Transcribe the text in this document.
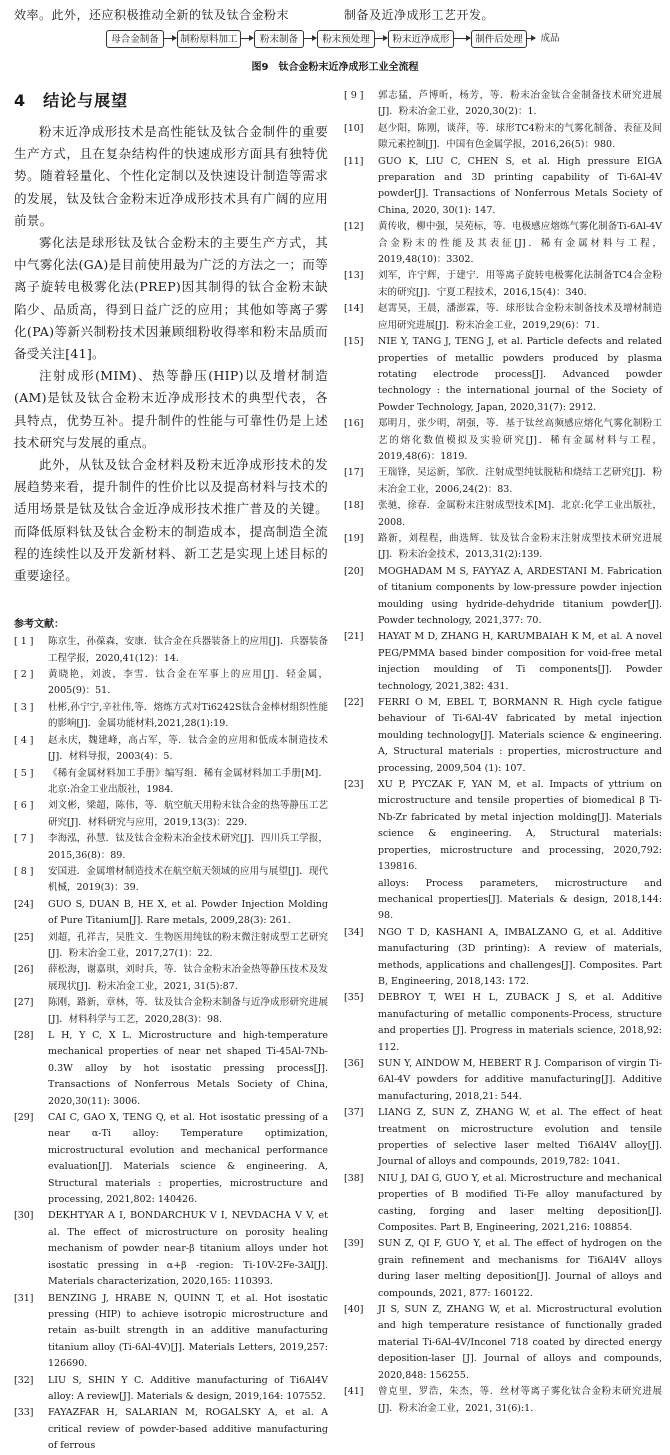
效率。此外，还应积极推动全新的钛及钛合金粉末	制备及近净成形工艺开发。
母合金制备	制粉原料加工	粉末制备	粉末预处理	粉末近净成形	制件后处理	成品
图9　钛合金粉末近净成形工业全流程
4　结论与展望

粉末近净成形技术是高性能钛及钛合金制件的重要生产方式，且在复杂结构件的快速成形方面具有独特优势。随着轻量化、个性化定制以及快速设计制造等需求的发展，钛及钛合金粉末近净成形技术具有广阔的应用前景。

雾化法是球形钛及钛合金粉末的主要生产方式，其中气雾化法(GA)是目前使用最为广泛的方法之一；而等离子旋转电极雾化法(PREP)因其制得的钛合金粉末缺陷少、品质高，得到日益广泛的应用；其他如等离子雾化(PA)等新兴制粉技术因兼顾细粉收得率和粉末品质而备受关注[41]。

注射成形(MIM)、热等静压(HIP)以及增材制造(AM)是钛及钛合金粉末近净成形技术的典型代表，各具特点，优势互补。提升制件的性能与可靠性仍是上述技术研究与发展的重点。

此外，从钛及钛合金材料及粉末近净成形技术的发展趋势来看，提升制件的性价比以及提高材料与技术的适用场景是钛及钛合金近净成形技术推广普及的关键。而降低原料钛及钛合金粉末的制造成本，提高制造全流程的连续性以及开发新材料、新工艺是实现上述目标的重要途径。

参考文献：

[ 1 ]	陈京生，孙葆森，安康．钛合金在兵器装备上的应用[J]．兵器装备工程学报，2020,41(12)：14.
[ 2 ]	黄晓艳，刘波，李雪．钛合金在军事上的应用[J]．轻金属，2005(9)：51.
[ 3 ]	杜彬,孙宁宁,辛社伟,等．熔炼方式对Ti6242S钛合金棒材组织性能的影响[J]．金属功能材料,2021,28(1):19.
[ 4 ]	赵永庆，魏建峰，高占军，等．钛合金的应用和低成本制造技术[J]．材料导报，2003(4)：5.
[ 5 ]	《稀有金属材料加工手册》编写组．稀有金属材料加工手册[M]．北京:冶金工业出版社，1984.
[ 6 ]	刘文彬，梁超，陈伟，等．航空航天用粉末钛合金的热等静压工艺研究[J]．材料研究与应用，2019,13(3)：229.
[ 7 ]	李海泓，孙慧．钛及钛合金粉末冶金技术研究[J]．四川兵工学报，2015,36(8)：89.
[ 8 ]	安国进．金属增材制造技术在航空航天领域的应用与展望[J]．现代机械，2019(3)：39.
[24]	GUO S, DUAN B, HE X, et al. Powder Injection Molding of Pure Titanium[J]. Rare metals, 2009,28(3): 261.
[25]	刘超，孔祥吉，吴胜文．生物医用纯钛的粉末微注射成型工艺研究[J]．粉末冶金工业，2017,27(1)：22.
[26]	薛松海，谢嘉琪，刘时兵，等．钛合金粉末冶金热等静压技术及发展现状[J]．粉末冶金工业，2021, 31(5):87.
[27]	陈刚，路新，章林，等．钛及钛合金粉末制备与近净成形研究进展[J]．材料科学与工艺，2020,28(3)：98.
[28]	L H, Y C, X L. Microstructure and high-temperature mechanical properties of near net shaped Ti-45Al-7Nb-0.3W alloy by hot isostatic pressing process[J]. Transactions of Nonferrous Metals Society of China, 2020,30(11): 3006.
[29]	CAI C, GAO X, TENG Q, et al. Hot isostatic pressing of a near α-Ti alloy: Temperature optimization, microstructural evolution and mechanical performance evaluation[J]. Materials science & engineering. A, Structural materials : properties, microstructure and processing, 2021,802: 140426.
[30]	DEKHTYAR A I, BONDARCHUK V I, NEVDACHA V V, et al. The effect of microstructure on porosity healing mechanism of powder near-β titanium alloys under hot isostatic pressing in α+β -region: Ti-10V-2Fe-3Al[J]. Materials characterization, 2020,165: 110393.
[31]	BENZING J, HRABE N, QUINN T, et al. Hot isostatic pressing (HIP) to achieve isotropic microstructure and retain as-built strength in an additive manufacturing titanium alloy (Ti-6Al-4V)[J]. Materials Letters, 2019,257: 126690.
[32]	LIU S, SHIN Y C. Additive manufacturing of Ti6Al4V alloy: A review[J]. Materials & design, 2019,164: 107552.
[33]	FAYAZFAR H, SALARIAN M, ROGALSKY A, et al. A critical review of powder-based additive manufacturing of ferrous
[ 9 ]	郭志猛，芦博昕，杨芳，等．粉末冶金钛合金制备技术研究进展[J]．粉末冶金工业，2020,30(2)：1.
[10]	赵少阳，陈刚，谈萍，等．球形TC4粉末的气雾化制备、表征及间隙元素控制[J]．中国有色金属学报，2016,26(5)：980.
[11]	GUO K, LIU C, CHEN S, et al. High pressure EIGA preparation and 3D printing capability of Ti-6Al-4V powder[J]. Transactions of Nonferrous Metals Society of China, 2020, 30(1): 147.
[12]	黄传收，柳中强，吴苑标，等．电极感应熔炼气雾化制备Ti-6Al-4V合金粉末的性能及其表征[J]．稀有金属材料与工程，2019,48(10)：3302.
[13]	刘军，许宁辉，于建宁．用等离子旋转电极雾化法制备TC4合金粉末的研究[J]．宁夏工程技术，2016,15(4)：340.
[14]	赵霄昊，王晨，潘澎霖，等．球形钛合金粉末制备技术及增材制造应用研究进展[J]．粉末冶金工业，2019,29(6)：71.
[15]	NIE Y, TANG J, TENG J, et al. Particle defects and related properties of metallic powders produced by plasma rotating electrode process[J]. Advanced powder technology : the international journal of the Society of Powder Technology, Japan, 2020,31(7): 2912.
[16]	郑明月，张少明，胡强，等．基于钛丝高频感应熔化气雾化制粉工艺的熔化数值模拟及实验研究[J]．稀有金属材料与工程，2019,48(6)：1819.
[17]	王瑞锋，吴运新，邹欣．注射成型纯钛脱粘和烧结工艺研究[J]．粉末冶金工业，2006,24(2)：83.
[18]	张驰，徐春．金属粉末注射成型技术[M]．北京:化学工业出版社，2008.
[19]	路新，刘程程，曲选辉．钛及钛合金粉末注射成型技术研究进展[J]．粉末冶金技术，2013,31(2):139.
[20]	MOGHADAM M S, FAYYAZ A, ARDESTANI M. Fabrication of titanium components by low-pressure powder injection moulding using hydride-dehydride titanium powder[J]. Powder technology, 2021,377: 70.
[21]	HAYAT M D, ZHANG H, KARUMBAIAH K M, et al. A novel PEG/PMMA based binder composition for void-free metal injection moulding of Ti components[J]. Powder technology, 2021,382: 431.
[22]	FERRI O M, EBEL T, BORMANN R. High cycle fatigue behaviour of Ti-6Al-4V fabricated by metal injection moulding technology[J]. Materials science & engineering. A, Structural materials : properties, microstructure and processing, 2009,504 (1): 107.
[23]	XU P, PYCZAK F, YAN M, et al. Impacts of yttrium on microstructure and tensile properties of biomedical β Ti-Nb-Zr fabricated by metal injection molding[J]. Materials science & engineering. A, Structural materials: properties, microstructure and processing, 2020,792: 139816.
alloys: Process parameters, microstructure and mechanical properties[J]. Materials & design, 2018,144: 98.
[34]	NGO T D, KASHANI A, IMBALZANO G, et al. Additive manufacturing (3D printing): A review of materials, methods, applications and challenges[J]. Composites. Part B, Engineering, 2018,143: 172.
[35]	DEBROY T, WEI H L, ZUBACK J S, et al. Additive manufacturing of metallic components-Process, structure and properties [J]. Progress in materials science, 2018,92: 112.
[36]	SUN Y, AINDOW M, HEBERT R J. Comparison of virgin Ti-6Al-4V powders for additive manufacturing[J]. Additive manufacturing, 2018,21: 544.
[37]	LIANG Z, SUN Z, ZHANG W, et al. The effect of heat treatment on microstructure evolution and tensile properties of selective laser melted Ti6Al4V alloy[J]. Journal of alloys and compounds, 2019,782: 1041.
[38]	NIU J, DAI G, GUO Y, et al. Microstructure and mechanical properties of B modified Ti-Fe alloy manufactured by casting, forging and laser melting deposition[J]. Composites. Part B, Engineering, 2021,216: 108854.
[39]	SUN Z, QI F, GUO Y, et al. The effect of hydrogen on the grain refinement and mechanisms for Ti6Al4V alloys during laser melting deposition[J]. Journal of alloys and compounds, 2021, 877: 160122.
[40]	JI S, SUN Z, ZHANG W, et al. Microstructural evolution and high temperature resistance of functionally graded material Ti-6Al-4V/Inconel 718 coated by directed energy deposition-laser [J]. Journal of alloys and compounds, 2020,848: 156255.
[41]	曾克里，罗浩，朱杰，等．丝材等离子雾化钛合金粉末研究进展[J]．粉末冶金工业，2021, 31(6):1.
